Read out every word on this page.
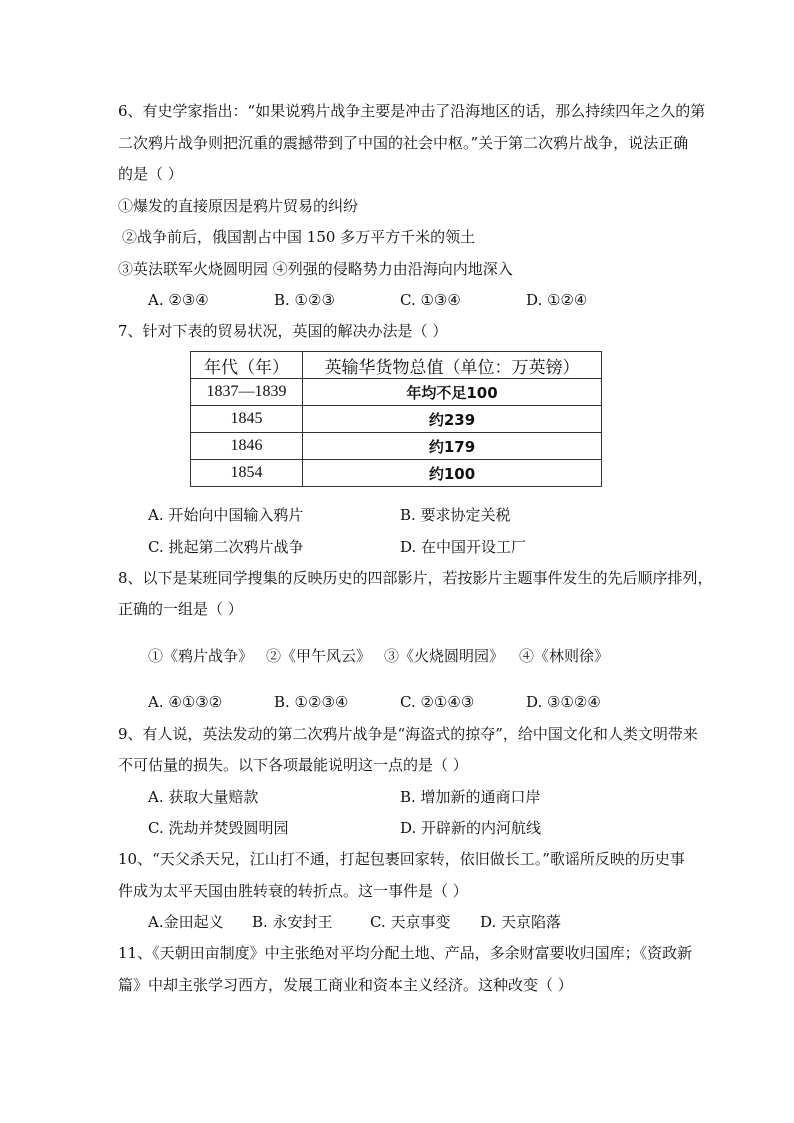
6、有史学家指出：“如果说鸦片战争主要是冲击了沿海地区的话，那么持续四年之久的第
二次鸦片战争则把沉重的震撼带到了中国的社会中枢。”关于第二次鸦片战争，说法正确
的是（ ）
①爆发的直接原因是鸦片贸易的纠纷
②战争前后，俄国割占中国 150 多万平方千米的领土
③英法联军火烧圆明园 ④列强的侵略势力由沿海向内地深入
A. ②③④	B. ①②③	C. ①③④	D. ①②④
7、针对下表的贸易状况，英国的解决办法是（ ）
年代（年）	英输华货物总值（单位：万英镑）
1837—1839	年均不足100
1845	约239
1846	约179
1854	约100
A. 开始向中国输入鸦片	B. 要求协定关税
C. 挑起第二次鸦片战争	D. 在中国开设工厂
8、以下是某班同学搜集的反映历史的四部影片，若按影片主题事件发生的先后顺序排列，
正确的一组是（ ）
①《鸦片战争》 ②《甲午风云》 ③《火烧圆明园》 ④《林则徐》
A. ④①③②	B. ①②③④	C. ②①④③	D. ③①②④
9、有人说，英法发动的第二次鸦片战争是“海盗式的掠夺”，给中国文化和人类文明带来
不可估量的损失。以下各项最能说明这一点的是（ ）
A. 获取大量赔款	B. 增加新的通商口岸
C. 洗劫并焚毁圆明园	D. 开辟新的内河航线
10、“天父杀天兄，江山打不通，打起包裹回家转，依旧做长工。”歌谣所反映的历史事
件成为太平天国由胜转衰的转折点。这一事件是（ ）
A.金田起义 B. 永安封王 C. 天京事变 D. 天京陷落
11、《天朝田亩制度》中主张绝对平均分配土地、产品，多余财富要收归国库；《资政新
篇》中却主张学习西方，发展工商业和资本主义经济。这种改变（ ）
